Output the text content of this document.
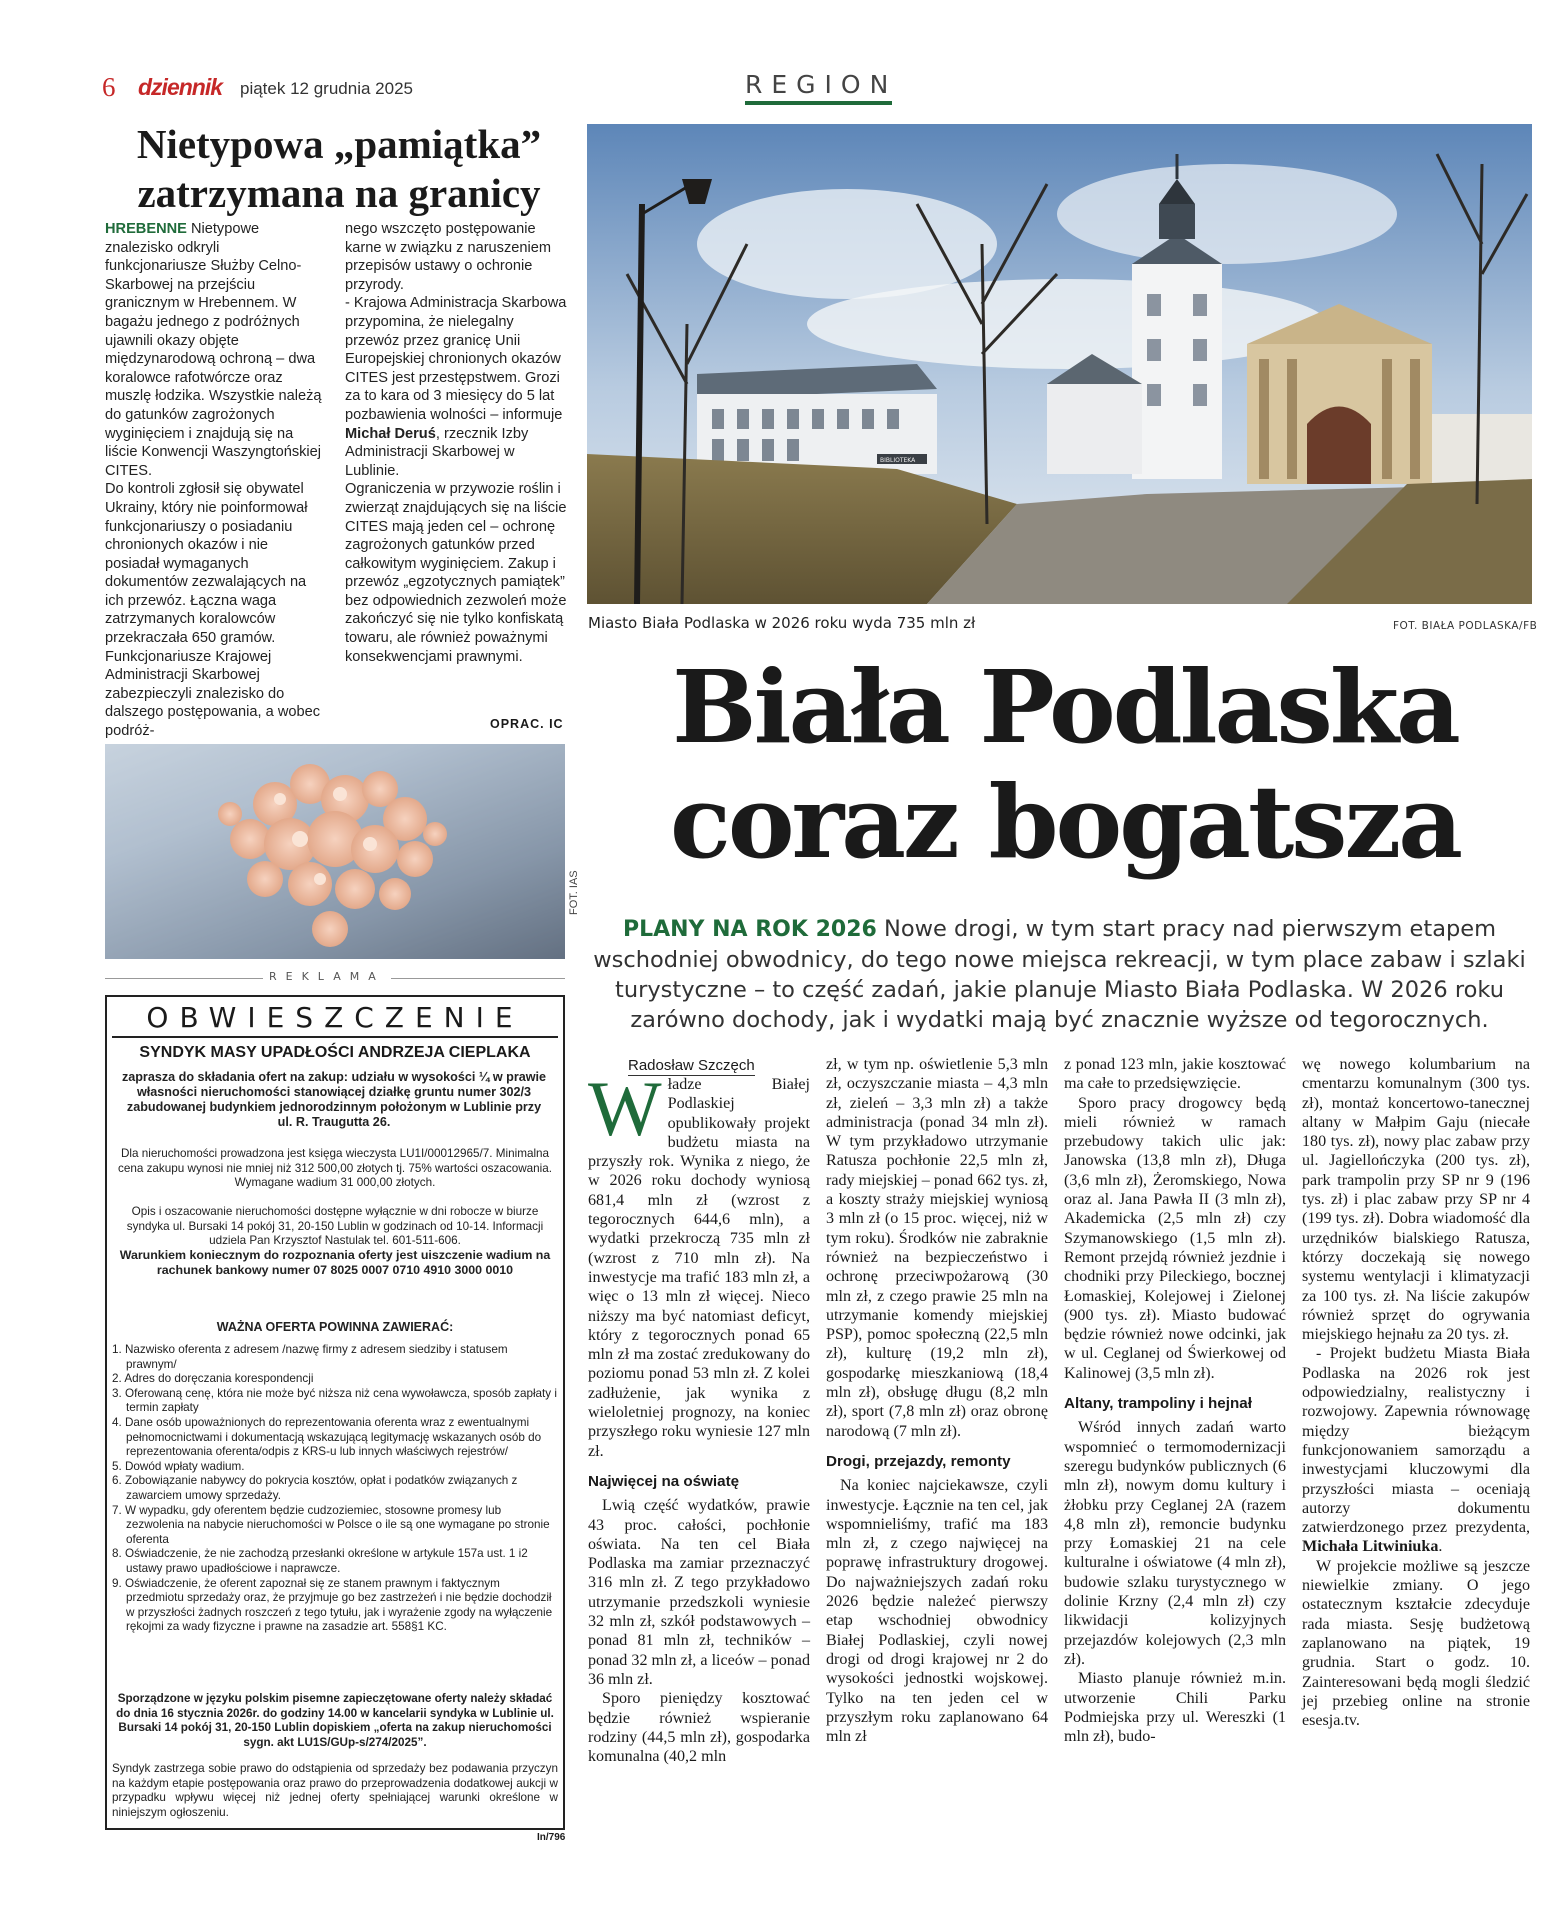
6 dziennik piątek 12 grudnia 2025	REGION
Nietypowa „pamiątka” zatrzymana na granicy

HREBENNE Nietypowe znalezisko odkryli funkcjonariusze Służby Celno-Skarbowej na przejściu granicznym w Hrebennem. W bagażu jednego z podróżnych ujawnili okazy objęte międzynarodową ochroną – dwa koralowce rafotwórcze oraz muszlę łodzika. Wszystkie należą do gatunków zagrożonych wyginięciem i znajdują się na liście Konwencji Waszyngtońskiej CITES.

Do kontroli zgłosił się obywatel Ukrainy, który nie poinformował funkcjonariuszy o posiadaniu chronionych okazów i nie posiadał wymaganych dokumentów zezwalających na ich przewóz. Łączna waga zatrzymanych koralowców przekraczała 650 gramów.

Funkcjonariusze Krajowej Administracji Skarbowej zabezpieczyli znalezisko do dalszego postępowania, a wobec podróż-

nego wszczęto postępowanie karne w związku z naruszeniem przepisów ustawy o ochronie przyrody.

- Krajowa Administracja Skarbowa przypomina, że nielegalny przewóz przez granicę Unii Europejskiej chronionych okazów CITES jest przestępstwem. Grozi za to kara od 3 miesięcy do 5 lat pozbawienia wolności – informuje Michał Deruś, rzecznik Izby Administracji Skarbowej w Lublinie.

Ograniczenia w przywozie roślin i zwierząt znajdujących się na liście CITES mają jeden cel – ochronę zagrożonych gatunków przed całkowitym wyginięciem. Zakup i przewóz „egzotycznych pamiątek” bez odpowiednich zezwoleń może zakończyć się nie tylko konfiskatą towaru, ale również poważnymi konsekwencjami prawnymi.

OPRAC. IC
FOT. IAS
REKLAMA
OBWIESZCZENIE
SYNDYK MASY UPADŁOŚCI ANDRZEJA CIEPLAKA
zaprasza do składania ofert na zakup: udziału w wysokości ¼ w prawie własności nieruchomości stanowiącej działkę gruntu numer 302/3 zabudowanej budynkiem jednorodzinnym położonym w Lublinie przy ul. R. Traugutta 26.
Dla nieruchomości prowadzona jest księga wieczysta LU1I/00012965/7. Minimalna cena zakupu wynosi nie mniej niż 312 500,00 złotych tj. 75% wartości oszacowania. Wymagane wadium 31 000,00 złotych.
Opis i oszacowanie nieruchomości dostępne wyłącznie w dni robocze w biurze syndyka ul. Bursaki 14 pokój 31, 20-150 Lublin w godzinach od 10-14. Informacji udziela Pan Krzysztof Nastulak tel. 601-511-606.
Warunkiem koniecznym do rozpoznania oferty jest uiszczenie wadium na rachunek bankowy numer 07 8025 0007 0710 4910 3000 0010
WAŻNA OFERTA POWINNA ZAWIERAĆ:
1. Nazwisko oferenta z adresem /nazwę firmy z adresem siedziby i statusem prawnym/
2. Adres do doręczania korespondencji
3. Oferowaną cenę, która nie może być niższa niż cena wywoławcza, sposób zapłaty i termin zapłaty
4. Dane osób upoważnionych do reprezentowania oferenta wraz z ewentualnymi pełnomocnictwami i dokumentacją wskazującą legitymację wskazanych osób do reprezentowania oferenta/odpis z KRS-u lub innych właściwych rejestrów/
5. Dowód wpłaty wadium.
6. Zobowiązanie nabywcy do pokrycia kosztów, opłat i podatków związanych z zawarciem umowy sprzedaży.
7. W wypadku, gdy oferentem będzie cudzoziemiec, stosowne promesy lub zezwolenia na nabycie nieruchomości w Polsce o ile są one wymagane po stronie oferenta
8. Oświadczenie, że nie zachodzą przesłanki określone w artykule 157a ust. 1 i2 ustawy prawo upadłościowe i naprawcze.
9. Oświadczenie, że oferent zapoznał się ze stanem prawnym i faktycznym przedmiotu sprzedaży oraz, że przyjmuje go bez zastrzeżeń i nie będzie dochodził w przyszłości żadnych roszczeń z tego tytułu, jak i wyrażenie zgody na wyłączenie rękojmi za wady fizyczne i prawne na zasadzie art. 558§1 KC.
Sporządzone w języku polskim pisemne zapieczętowane oferty należy składać do dnia 16 stycznia 2026r. do godziny 14.00 w kancelarii syndyka w Lublinie ul. Bursaki 14 pokój 31, 20-150 Lublin dopiskiem „oferta na zakup nieruchomości sygn. akt LU1S/GUp-s/274/2025”.
Syndyk zastrzega sobie prawo do odstąpienia od sprzedaży bez podawania przyczyn na każdym etapie postępowania oraz prawo do przeprowadzenia dodatkowej aukcji w przypadku wpływu więcej niż jednej oferty spełniającej warunki określone w niniejszym ogłoszeniu.
In/796
BIBLIOTEKA
Miasto Biała Podlaska w 2026 roku wyda 735 mln zł	FOT. BIAŁA PODLASKA/FB
Biała Podlaska
coraz bogatsza
PLANY NA ROK 2026 Nowe drogi, w tym start pracy nad pierwszym etapem wschodniej obwodnicy, do tego nowe miejsca rekreacji, w tym place zabaw i szlaki turystyczne – to część zadań, jakie planuje Miasto Biała Podlaska. W 2026 roku zarówno dochody, jak i wydatki mają być znacznie wyższe od tegorocznych.
Radosław Szczęch

Władze Białej Podlaskiej opublikowały projekt budżetu miasta na przyszły rok. Wynika z niego, że w 2026 roku dochody wyniosą 681,4 mln zł (wzrost z tegorocznych 644,6 mln), a wydatki przekroczą 735 mln zł (wzrost z 710 mln zł). Na inwestycje ma trafić 183 mln zł, a więc o 13 mln zł więcej. Nieco niższy ma być natomiast deficyt, który z tegorocznych ponad 65 mln zł ma zostać zredukowany do poziomu ponad 53 mln zł. Z kolei zadłużenie, jak wynika z wieloletniej prognozy, na koniec przyszłego roku wyniesie 127 mln zł.

Najwięcej na oświatę

Lwią część wydatków, prawie 43 proc. całości, pochłonie oświata. Na ten cel Biała Podlaska ma zamiar przeznaczyć 316 mln zł. Z tego przykładowo utrzymanie przedszkoli wyniesie 32 mln zł, szkół podstawowych – ponad 81 mln zł, techników – ponad 32 mln zł, a liceów – ponad 36 mln zł.

Sporo pieniędzy kosztować będzie również wspieranie rodziny (44,5 mln zł), gospodarka komunalna (40,2 mln

zł, w tym np. oświetlenie 5,3 mln zł, oczyszczanie miasta – 4,3 mln zł, zieleń – 3,3 mln zł) a także administracja (ponad 34 mln zł). W tym przykładowo utrzymanie Ratusza pochłonie 22,5 mln zł, rady miejskiej – ponad 662 tys. zł, a koszty straży miejskiej wyniosą 3 mln zł (o 15 proc. więcej, niż w tym roku). Środków nie zabraknie również na bezpieczeństwo i ochronę przeciwpożarową (30 mln zł, z czego prawie 25 mln na utrzymanie komendy miejskiej PSP), pomoc społeczną (22,5 mln zł), kulturę (19,2 mln zł), gospodarkę mieszkaniową (18,4 mln zł), obsługę długu (8,2 mln zł), sport (7,8 mln zł) oraz obronę narodową (7 mln zł).

Drogi, przejazdy, remonty

Na koniec najciekawsze, czyli inwestycje. Łącznie na ten cel, jak wspomnieliśmy, trafić ma 183 mln zł, z czego najwięcej na poprawę infrastruktury drogowej. Do najważniejszych zadań roku 2026 będzie należeć pierwszy etap wschodniej obwodnicy Białej Podlaskiej, czyli nowej drogi od drogi krajowej nr 2 do wysokości jednostki wojskowej. Tylko na ten jeden cel w przyszłym roku zaplanowano 64 mln zł

z ponad 123 mln, jakie kosztować ma całe to przedsięwzięcie.

Sporo pracy drogowcy będą mieli również w ramach przebudowy takich ulic jak: Janowska (13,8 mln zł), Długa (3,6 mln zł), Żeromskiego, Nowa oraz al. Jana Pawła II (3 mln zł), Akademicka (2,5 mln zł) czy Szymanowskiego (1,5 mln zł). Remont przejdą również jezdnie i chodniki przy Pileckiego, bocznej Łomaskiej, Kolejowej i Zielonej (900 tys. zł). Miasto budować będzie również nowe odcinki, jak w ul. Ceglanej od Świerkowej od Kalinowej (3,5 mln zł).

Altany, trampoliny i hejnał

Wśród innych zadań warto wspomnieć o termomodernizacji szeregu budynków publicznych (6 mln zł), nowym domu kultury i żłobku przy Ceglanej 2A (razem 4,8 mln zł), remoncie budynku przy Łomaskiej 21 na cele kulturalne i oświatowe (4 mln zł), budowie szlaku turystycznego w dolinie Krzny (2,4 mln zł) czy likwidacji kolizyjnych przejazdów kolejowych (2,3 mln zł).

Miasto planuje również m.in. utworzenie Chili Parku Podmiejska przy ul. Wereszki (1 mln zł), budo-

wę nowego kolumbarium na cmentarzu komunalnym (300 tys. zł), montaż koncertowo-tanecznej altany w Małpim Gaju (niecałe 180 tys. zł), nowy plac zabaw przy ul. Jagiellończyka (200 tys. zł), park trampolin przy SP nr 9 (196 tys. zł) i plac zabaw przy SP nr 4 (199 tys. zł). Dobra wiadomość dla urzędników bialskiego Ratusza, którzy doczekają się nowego systemu wentylacji i klimatyzacji za 100 tys. zł. Na liście zakupów również sprzęt do ogrywania miejskiego hejnału za 20 tys. zł.

- Projekt budżetu Miasta Biała Podlaska na 2026 rok jest odpowiedzialny, realistyczny i rozwojowy. Zapewnia równowagę między bieżącym funkcjonowaniem samorządu a inwestycjami kluczowymi dla przyszłości miasta – oceniają autorzy dokumentu zatwierdzonego przez prezydenta, Michała Litwiniuka.

W projekcie możliwe są jeszcze niewielkie zmiany. O jego ostatecznym kształcie zdecyduje rada miasta. Sesję budżetową zaplanowano na piątek, 19 grudnia. Start o godz. 10. Zainteresowani będą mogli śledzić jej przebieg online na stronie esesja.tv.
